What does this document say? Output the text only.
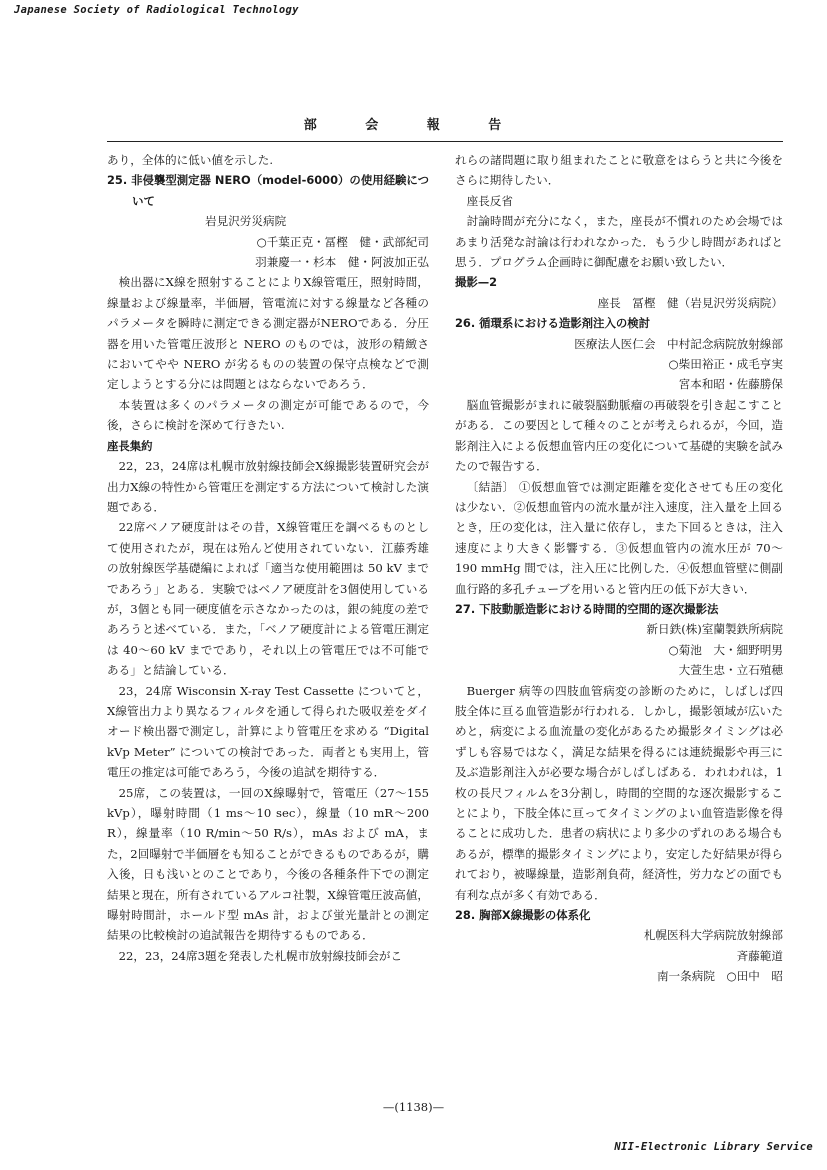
Japanese Society of Radiological Technology
部 会 報 告

あり，全体的に低い値を示した.

25. 非侵襲型測定器 NERO（model-6000）の使用経験について

岩見沢労災病院

○千葉正克・冨樫　健・武部紀司

羽兼慶一・杉本　健・阿波加正弘

検出器にX線を照射することによりX線管電圧，照射時間，線量および線量率，半価層，管電流に対する線量など各種のパラメータを瞬時に測定できる測定器がNEROである．分圧器を用いた管電圧波形と NERO のものでは，波形の精緻さにおいてやや NERO が劣るものの装置の保守点検などで測定しようとする分には問題とはならないであろう．

本装置は多くのパラメータの測定が可能であるので，今後，さらに検討を深めて行きたい.

座長集約

22，23，24席は札幌市放射線技師会X線撮影装置研究会が出力X線の特性から管電圧を測定する方法について検討した演題である．

22席ベノア硬度計はその昔，X線管電圧を調べるものとして使用されたが，現在は殆んど使用されていない．江藤秀雄の放射線医学基礎編によれば「適当な使用範囲は 50 kV までであろう」とある．実験ではベノア硬度計を3個使用しているが，3個とも同一硬度値を示さなかったのは，銀の純度の差であろうと述べている．また，「ベノア硬度計による管電圧測定は 40〜60 kV までであり，それ以上の管電圧では不可能である」と結論している．

23，24席 Wisconsin X-ray Test Cassette についてと，X線管出力より異なるフィルタを通して得られた吸収差をダイオード検出器で測定し，計算により管電圧を求める “Digital kVp Meter” についての検討であった．両者とも実用上，管電圧の推定は可能であろう，今後の追試を期待する．

25席，この装置は，一回のX線曝射で，管電圧（27〜155 kVp），曝射時間（1 ms〜10 sec），線量（10 mR〜200 R），線量率（10 R/min〜50 R/s），mAs および mA，また，2回曝射で半価層をも知ることができるものであるが，購入後，日も浅いとのことであり，今後の各種条件下での測定結果と現在，所有されているアルコ社製，X線管電圧波高値，曝射時間計，ホールド型 mAs 計，および蛍光量計との測定結果の比較検討の追試報告を期待するものである．

22，23，24席3題を発表した札幌市放射線技師会がこ

れらの諸問題に取り組まれたことに敬意をはらうと共に今後をさらに期待したい．

座長反省

討論時間が充分になく，また，座長が不慣れのため会場ではあまり活発な討論は行われなかった．もう少し時間があればと思う．プログラム企画時に御配慮をお願い致したい．

撮影—2

座長　冨樫　健（岩見沢労災病院）

26. 循環系における造影剤注入の検討

医療法人医仁会　中村記念病院放射線部

○柴田裕正・成毛亨実

宮本和昭・佐藤勝保

脳血管撮影がまれに破裂脳動脈瘤の再破裂を引き起こすことがある．この要因として種々のことが考えられるが，今回，造影剤注入による仮想血管内圧の変化について基礎的実験を試みたので報告する．

〔結語〕 ①仮想血管では測定距離を変化させても圧の変化は少ない．②仮想血管内の流水量が注入速度，注入量を上回るとき，圧の変化は，注入量に依存し，また下回るときは，注入速度により大きく影響する．③仮想血管内の流水圧が 70〜190 mmHg 間では，注入圧に比例した．④仮想血管壁に側副血行路的多孔チューブを用いると管内圧の低下が大きい．

27. 下肢動脈造影における時間的空間的逐次撮影法

新日鉄(株)室蘭製鉄所病院

○菊池　大・細野明男

大萱生忠・立石殖穂

Buerger 病等の四肢血管病変の診断のために，しばしば四肢全体に亘る血管造影が行われる．しかし，撮影領域が広いためと，病変による血流量の変化があるため撮影タイミングは必ずしも容易ではなく，満足な結果を得るには連続撮影や再三に及ぶ造影剤注入が必要な場合がしばしばある．われわれは，1枚の長尺フィルムを3分割し，時間的空間的な逐次撮影することにより，下肢全体に亘ってタイミングのよい血管造影像を得ることに成功した．患者の病状により多少のずれのある場合もあるが，標準的撮影タイミングにより，安定した好結果が得られており，被曝線量，造影剤負荷，経済性，労力などの面でも有利な点が多く有効である．

28. 胸部X線撮影の体系化

札幌医科大学病院放射線部

斉藤範道

南一条病院　○田中　昭

—(1138)—
NII-Electronic Library Service
